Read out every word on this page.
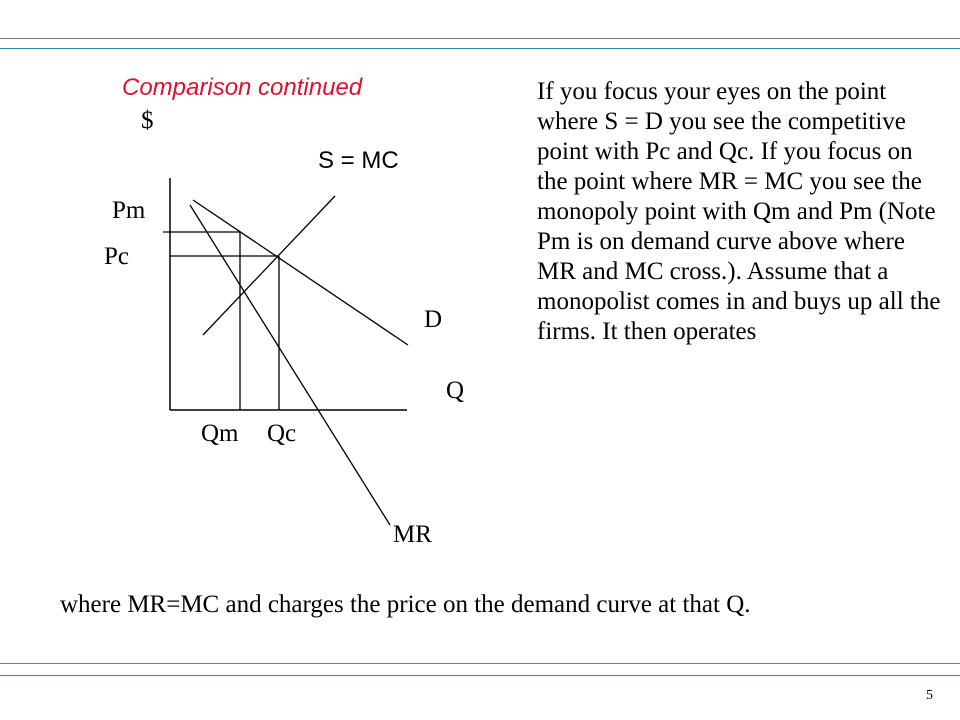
Comparison continued
$
S = MC
Pm
Pc
D
Q
Qm Qc
MR

If you focus your eyes on the point where S = D you see the competitive point with Pc and Qc. If you focus on the point where MR = MC you see the monopoly point with Qm and Pm (Note Pm is on demand curve above where MR and MC cross.). Assume that a monopolist comes in and buys up all the firms. It then operates

where MR=MC and charges the price on the demand curve at that Q.

5
